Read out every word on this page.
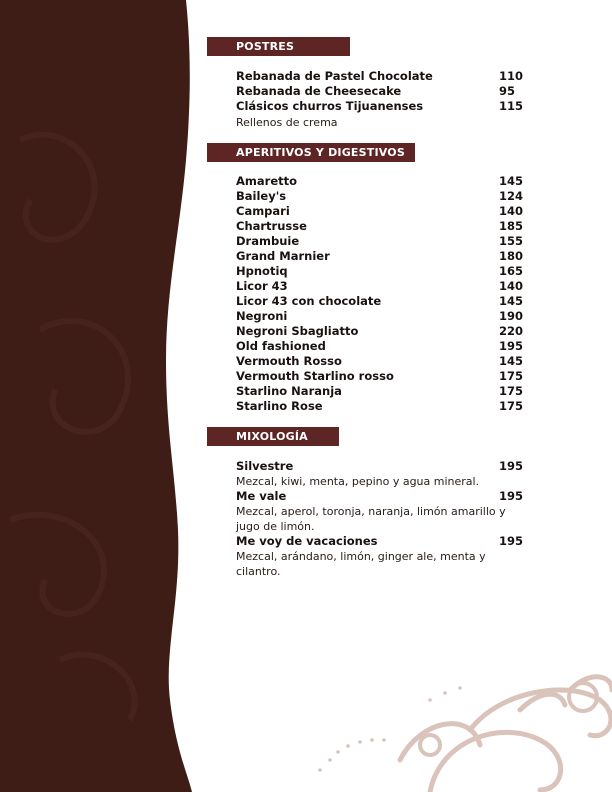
POSTRES
Rebanada de Pastel Chocolate	110
Rebanada de Cheesecake	95
Clásicos churros Tijuanenses	115
Rellenos de crema
APERITIVOS Y DIGESTIVOS
Amaretto	145
Bailey's	124
Campari	140
Chartrusse	185
Drambuie	155
Grand Marnier	180
Hpnotiq	165
Licor 43	140
Licor 43 con chocolate	145
Negroni	190
Negroni Sbagliatto	220
Old fashioned	195
Vermouth Rosso	145
Vermouth Starlino rosso	175
Starlino Naranja	175
Starlino Rose	175
MIXOLOGÍA
Silvestre	195
Mezcal, kiwi, menta, pepino y agua mineral.
Me vale	195
Mezcal, aperol, toronja, naranja, limón amarillo y jugo de limón.
Me voy de vacaciones	195
Mezcal, arándano, limón, ginger ale, menta y cilantro.
